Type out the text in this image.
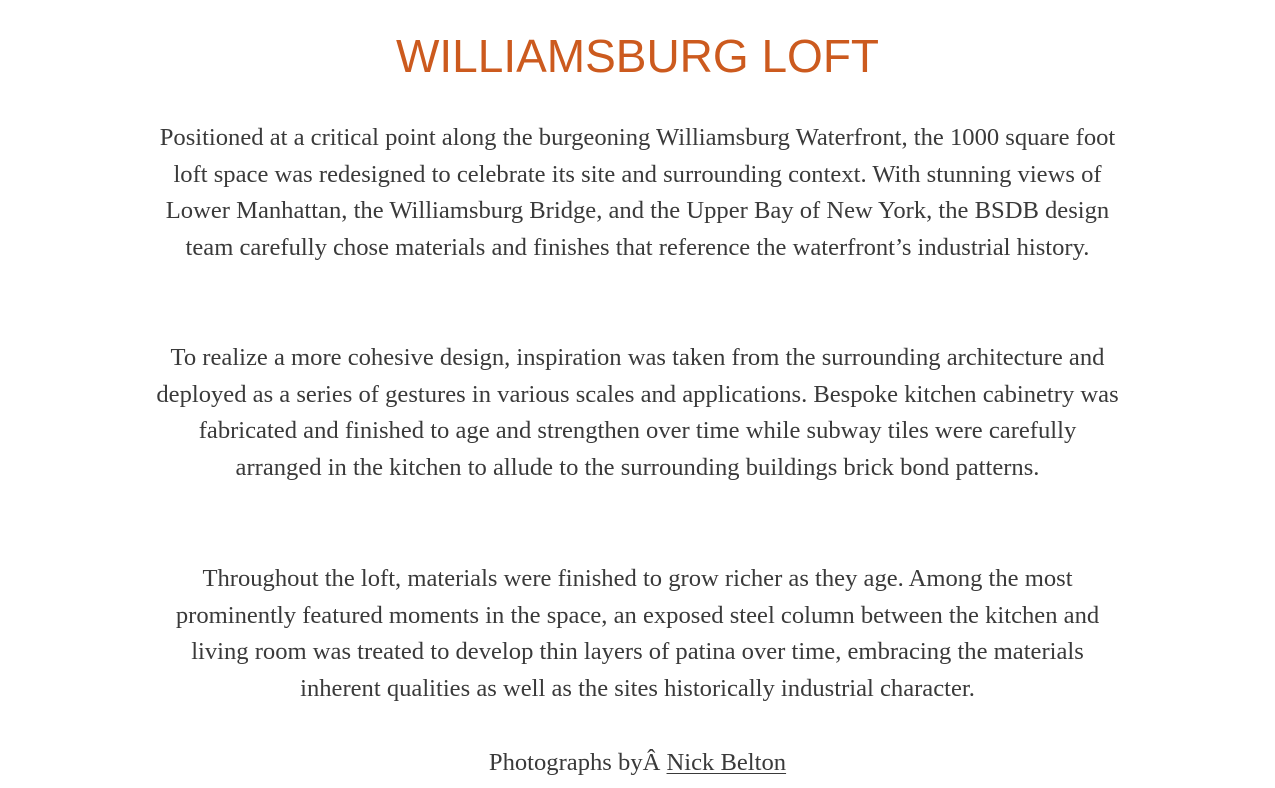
WILLIAMSBURG LOFT

Positioned at a critical point along the burgeoning Williamsburg Waterfront, the 1000 square foot loft space was redesigned to celebrate its site and surrounding context. With stunning views of Lower Manhattan, the Williamsburg Bridge, and the Upper Bay of New York, the BSDB design team carefully chose materials and finishes that reference the waterfront’s industrial history.

To realize a more cohesive design, inspiration was taken from the surrounding architecture and deployed as a series of gestures in various scales and applications. Bespoke kitchen cabinetry was fabricated and finished to age and strengthen over time while subway tiles were carefully arranged in the kitchen to allude to the surrounding buildings brick bond patterns.

Throughout the loft, materials were finished to grow richer as they age. Among the most prominently featured moments in the space, an exposed steel column between the kitchen and living room was treated to develop thin layers of patina over time, embracing the materials inherent qualities as well as the sites historically industrial character.

Photographs byÂ Nick Belton
